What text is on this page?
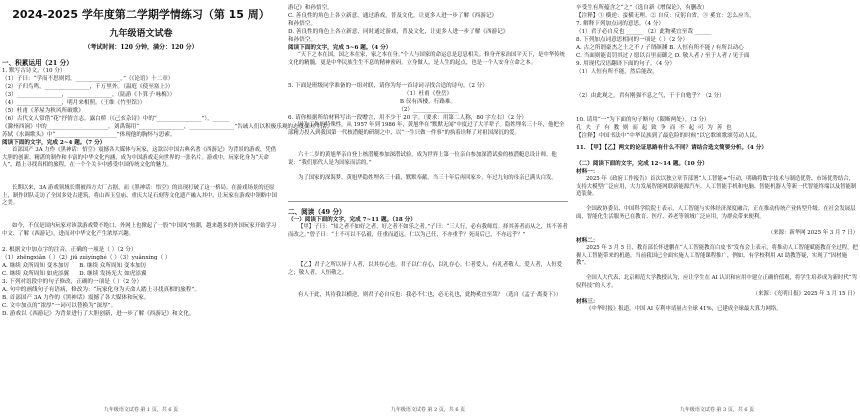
2024-2025 学年度第二学期学情练习（第 15 周）
九年级语文试卷
（考试时间：120 分钟，满分：120 分）
一、积累运用（21 分）
1. 默写古诗文。（10 分）
（1）子曰：“学而不思则罔，________________。”（《论语》十二章）
（2）子归鸟鸣，________________，千万里外。（温庭《使至塞上》）
（3）________________，________________。（陆游《卜算子·咏梅》）
（4）________________，明月来相照。（王维《竹里馆》）
（5）杜甫《茅屋为秋风所破歌》
（6）古代文人常借“花”抒情言志。露白桥（《己亥杂诗》中的“________________”），______
《滁州西涧》中的______________________。刘禹锡用“________________，________________”告诫人们以积极乐观的态度面对生活；
苏轼《水调歌头》中“______________________”体现他的胸怀与思索。
阅读下面的文字，完成 2~4 题。（7 分）
首部国产 3A 力作《黑神话：悟空》震撼各大媒体与玩家，这款以中国古典名著《西游记》为背景的游戏，凭借大胆的创新、精湛的制作和丰富的中华文化内涵，成为中国游戏走向世界的一张名片。游戏中，玩家化身为“天命人”，踏上寻找真相的旅程，在一个个关卡中感受中国传统文化的魅力。
长期以来，3A 游戏领域长期被西方大厂占据，而《黑神话：悟空》的出现打破了这一格局。在游戏场景的还原上，制作团队走访了全国多处古建筑，将山西玉皇庙、重庆大足石刻等文化遗产融入其中，让玩家在游戏中领略中国之美。
如今，不仅是国内玩家对该款游戏赞不绝口，外网上也掀起了一股“中国风”热潮，越来越多的外国玩家开始学习中文、了解《西游记》，进而对中华文化产生浓厚兴趣。
2. 根据文中加点字的注音，正确的一项是（ ）（2 分）
（1）zhěngxiǎn（ ）（2）jiǔ zuìyínghé（ ）（3）yuǎnxíng（ ）
A. 继续 众所周知 变本加厉 B. 继续 众所周知 变本加厉
C. 继续 众所周知 如虎添翼 D. 继续 发扬光大 如虎添翼
3. 下列对语段中的句子修改，正确的一项是（ ）（2 分）
A. 句中的画线句子有语病，修改为：“玩家化身为天命人踏上寻找真相的旅程”。
B. 首部国产 3A 力作的《黑神话》震撼了各大媒体和玩家。
C. 文中加点的“浓厚”一词可以替换为“深厚”。
D. 游戏以《西游记》为背景进行了大胆创新，进一步了解《西游记》和文化。
九年级语文试卷 第 1 页，共 6 页
游记》和孙悟空。
C. 善良性的角色上各立新意，通过游戏，普及文化，让更多人进一步了解《西游记》
和孙悟空。
D. 善良性的角色上各立新意，同时通过游戏，普及文化，让更多人进一步了解《西游记》
和孙悟空。
阅读下面的文字，完成 5~6 题。（4 分）
“天下之本在国，国之本在家，家之本在身。”个人与国家的命运总是息息相关。修身齐家治国平天下，是中华传统文化的精髓，更是中华民族生生不息的精神密码。立身做人，是人生的起点，也是一个人安身立命之本。
5. 下面是班级同学准备的一组对联，请你为每一首诗词寻找合适的诗句。（2 分）
（1）杜甫《登岳》
B 仅有西楼，行路难。
（2）________________
6. 请你根据所给材料写出一段赠言，用不少于 20 字。（要求：用第二人称，80 字左右）（2 分）
因为工作的特殊性，从 1957 年到 1986 年，黄旭华在“默默无闻”中度过了大半辈子。隐姓埋名三十年，他把全部精力投入到我国第一代核潜艇的研制之中，以“一生只做一件事”的执着诠释了对祖国深沉的爱。
六十二岁的黄旭华亲自登上核潜艇参加深潜试验，成为世界上第一位亲自参加深潜试验的核潜艇总设计师。他说：“我们那代人是为国家而活的。”
为了国家的深海梦，黄旭华隐姓埋名三十载，默默奉献。当三十年后再回家乡，年过九旬的母亲已满头白发。
二、阅读（49 分）
（一）阅读下面的文字，完成 7~11 题。（18 分）
【甲】子曰：“知之者不如好之者，好之者不如乐之者。”子曰：“三人行，必有我师焉。择其善者而从之，其不善者而改之。”曾子曰：“士不可以不弘毅，任重而道远。仁以为己任，不亦重乎？死而后已，不亦远乎？”
【乙】君子之所以异于人者，以其存心也。君子以仁存心，以礼存心。仁者爱人，有礼者敬人。爱人者，人恒爱之；敬人者，人恒敬之。
有人于此，其待我以横逆，则君子必自反也：我必不仁也，必无礼也，此物奚宜至哉？（选自《孟子·离娄下》）
九年级语文试卷 第 2 页，共 6 页
卒受生有所蕴含之“之”（选自新《增保论》，有删改）
【注释】① 横逆：蛮横无理。② 自反：反躬自省。③ 奚宜：怎么应当。
7. 解释下列加点词的意思。（4 分）
（1）君子必自反也 ______ （2）此物奚宜至哉 ______
8. 下列加点词意思相同的一项是（ ）（2 分）
A. 古之所谓豪杰之士之不 / 子谓颜渊 B. 人恒有所不能 / 有所以动心
C. 当面则能责罚其过 / 愿以百里而御之 D. 敬人者 / 至于人者 / 见于面
9. 用现代汉语翻译下面的句子。（4 分）
（1）人恒有所不能，然后能改。
（2）由此观之，君有刚强不息之气，于于自勉乎？（2 分）
10. 请用“一”为下面的句子断句（限断两处）。（3 分）
孔 夫 子 有 教 则 而 起 致 争 而 不 起 可 为 善 也
【注释】中国书法中“中华民族到了最危险的时候”以它歌颂歌颂劳动人民。
11. 【甲】【乙】两文的论证思路有什么不同？请结合选文简要分析。（4 分）
（二）阅读下面的文字，完成 12~14 题。（10 分）
材料一：
2025 年《政府工作报告》首次以独立章节部署“人工智能+”行动，明确将数字技术与制造优势、市场优势结合，支持大模型广泛应用，大力发展智能网联新能源汽车、人工智能手机和电脑、智能机器人等新一代智能终端以及智能制造装备。
全国政协委员、中国科学院院士表示，人工智能与实体经济深度融合，正在推动传统产业转型升级。在社会发展层面，智能化生活服务已在教育、医疗、养老等领域广泛应用，为群众带来便利。
（来源：新华网 2025 年 3 月 7 日）
材料二：
2025 年 3 月 5 日，教育部长怀进鹏在“人工智能教育白皮书”发布会上表示，将推动人工智能赋能教育全过程，把握人工智能带来的机遇。当前我国已全面实施人工智能课程推广，例如，有学校利用 AI 助教答疑，实现了“因材施教”。
全国人大代表、北京师范大学教授认为，应让学生在 AI 认识和应用中建立正确价值观，将学生培养成为新时代“驾驭科技”的人才。
（来源：《光明日报》2025 年 3 月 15 日）
材料三：
《中华时报》报道，中国 AI 专利申请量占全球 41%，已建成全球最大算力网络。
九年级语文试卷 第 3 页，共 6 页
